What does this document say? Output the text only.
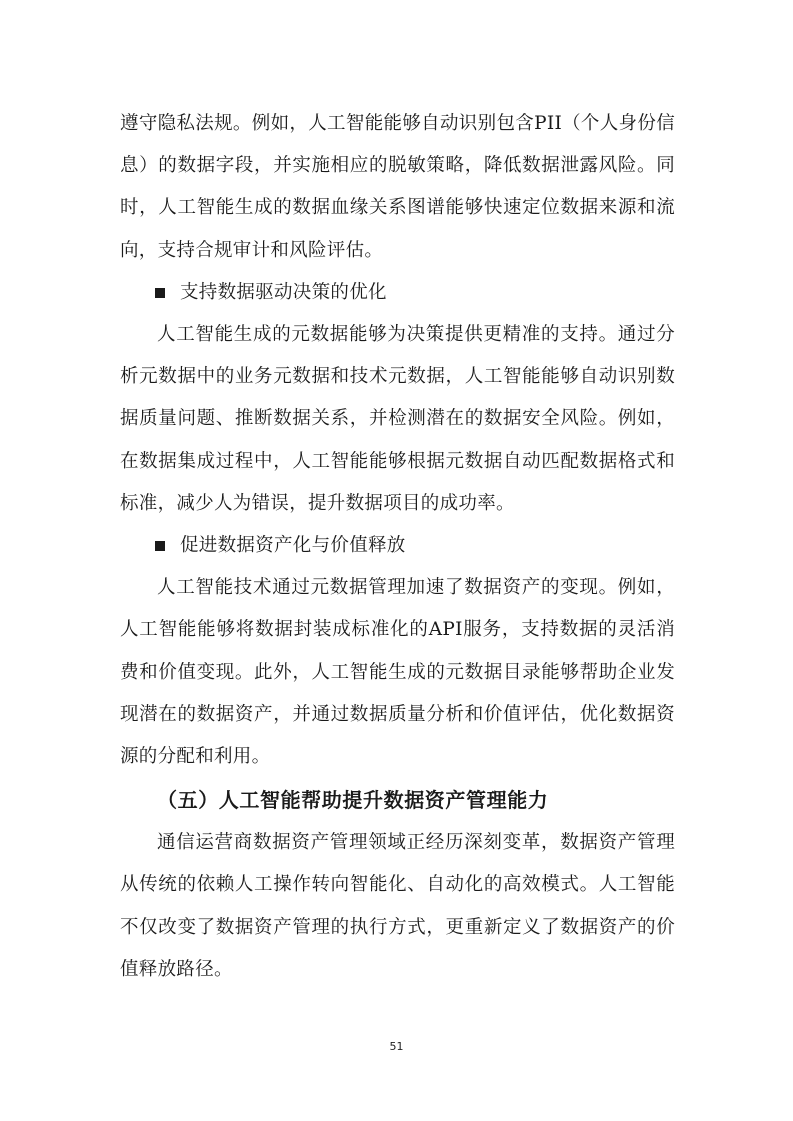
遵守隐私法规。例如，人工智能能够自动识别包含PII（个人身份信息）的数据字段，并实施相应的脱敏策略，降低数据泄露风险。同时，人工智能生成的数据血缘关系图谱能够快速定位数据来源和流向，支持合规审计和风险评估。

支持数据驱动决策的优化

人工智能生成的元数据能够为决策提供更精准的支持。通过分析元数据中的业务元数据和技术元数据，人工智能能够自动识别数据质量问题、推断数据关系，并检测潜在的数据安全风险。例如，在数据集成过程中，人工智能能够根据元数据自动匹配数据格式和标准，减少人为错误，提升数据项目的成功率。

促进数据资产化与价值释放

人工智能技术通过元数据管理加速了数据资产的变现。例如，人工智能能够将数据封装成标准化的API服务，支持数据的灵活消费和价值变现。此外，人工智能生成的元数据目录能够帮助企业发现潜在的数据资产，并通过数据质量分析和价值评估，优化数据资源的分配和利用。

（五）人工智能帮助提升数据资产管理能力

通信运营商数据资产管理领域正经历深刻变革，数据资产管理从传统的依赖人工操作转向智能化、自动化的高效模式。人工智能不仅改变了数据资产管理的执行方式，更重新定义了数据资产的价值释放路径。

51
